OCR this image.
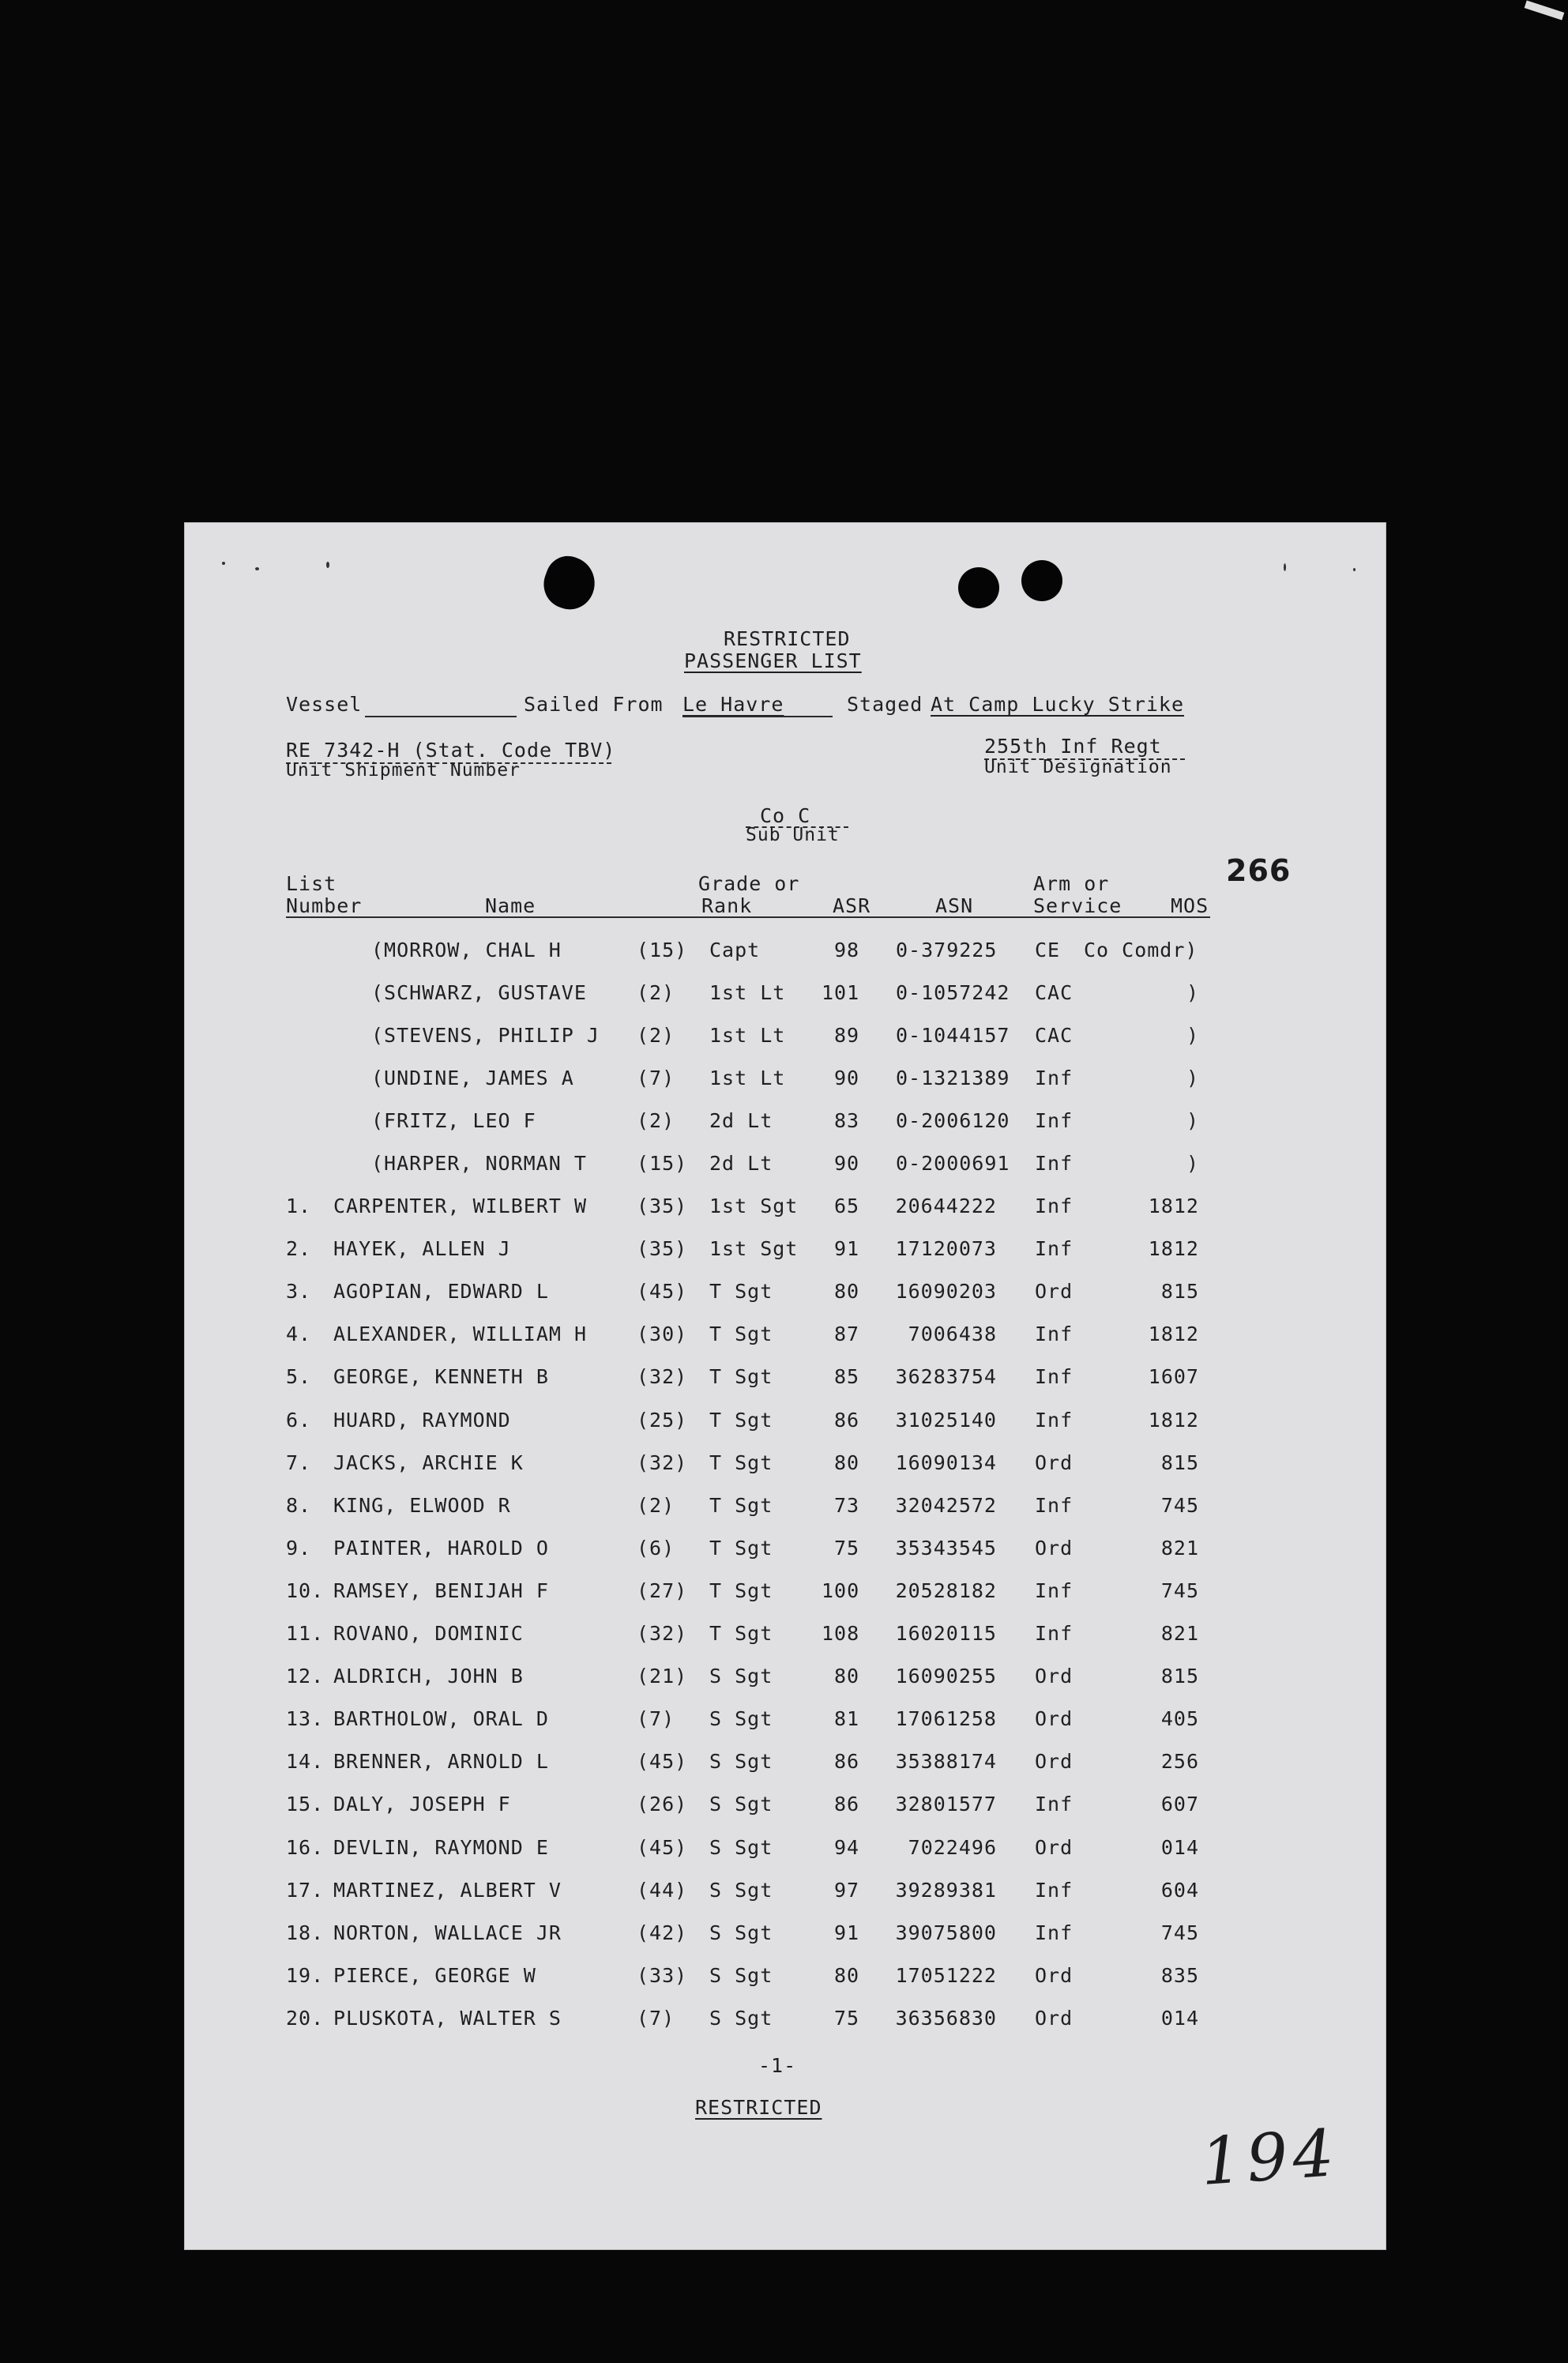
RESTRICTED
PASSENGER LIST
Vessel	Sailed From Le Havre	Staged At Camp Lucky Strike
RE 7342-H (Stat. Code TBV)
Unit Shipment Number
255th Inf Regt
Unit Designation
Co C
Sub Unit
266
List
Number	Name
Grade or
Rank	ASR	ASN
Arm or
Service MOS
(MORROW, CHAL H	(15) Capt	98 0-379225 CE Co Comdr)
(SCHWARZ, GUSTAVE	(2) 1st Lt 101 0-1057242 CAC	)
(STEVENS, PHILIP J (2) 1st Lt 89 0-1044157 CAC	)
(UNDINE, JAMES A	(7) 1st Lt 90 0-1321389 Inf	)
(FRITZ, LEO F	(2) 2d Lt	83 0-2006120 Inf	)
(HARPER, NORMAN T	(15) 2d Lt	90 0-2000691 Inf	)
1. CARPENTER, WILBERT W	(35) 1st Sgt 65 20644222 Inf	1812
2. HAYEK, ALLEN J	(35) 1st Sgt 91 17120073 Inf	1812
3. AGOPIAN, EDWARD L	(45) T Sgt	80 16090203 Ord	815
4. ALEXANDER, WILLIAM H	(30) T Sgt	87 7006438 Inf	1812
5. GEORGE, KENNETH B	(32) T Sgt	85 36283754 Inf	1607
6. HUARD, RAYMOND	(25) T Sgt	86 31025140 Inf	1812
7. JACKS, ARCHIE K	(32) T Sgt	80 16090134 Ord	815
8. KING, ELWOOD R	(2) T Sgt	73 32042572 Inf	745
9. PAINTER, HAROLD O	(6) T Sgt	75 35343545 Ord	821
10. RAMSEY, BENIJAH F	(27) T Sgt 100 20528182 Inf	745
11. ROVANO, DOMINIC	(32) T Sgt 108 16020115 Inf	821
12. ALDRICH, JOHN B	(21) S Sgt	80 16090255 Ord	815
13. BARTHOLOW, ORAL D	(7) S Sgt	81 17061258 Ord	405
14. BRENNER, ARNOLD L	(45) S Sgt	86 35388174 Ord	256
15. DALY, JOSEPH F	(26) S Sgt	86 32801577 Inf	607
16. DEVLIN, RAYMOND E	(45) S Sgt	94 7022496 Ord	014
17. MARTINEZ, ALBERT V	(44) S Sgt	97 39289381 Inf	604
18. NORTON, WALLACE JR	(42) S Sgt	91 39075800 Inf	745
19. PIERCE, GEORGE W	(33) S Sgt	80 17051222 Ord	835
20. PLUSKOTA, WALTER S	(7) S Sgt	75 36356830 Ord	014
-1-
RESTRICTED
194
